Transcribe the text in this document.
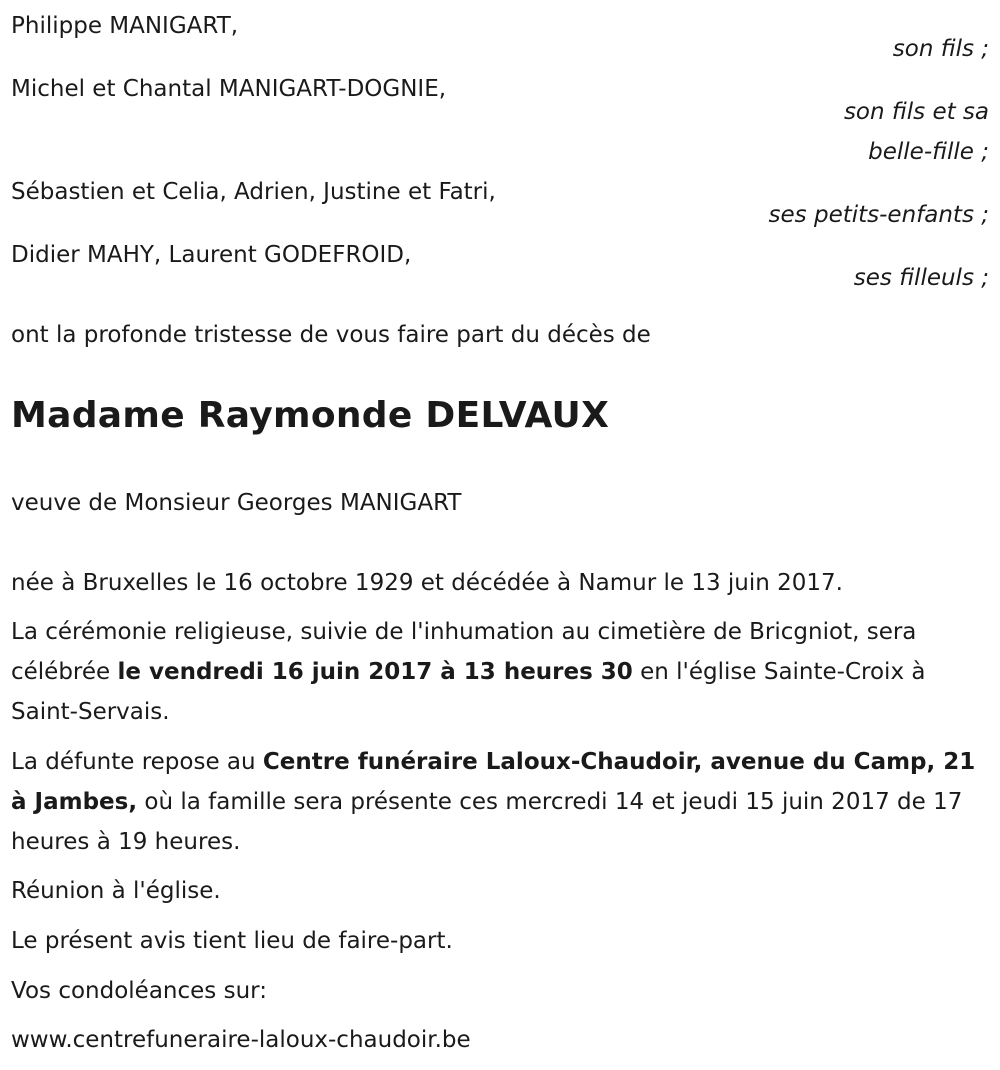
Philippe MANIGART,

son fils ;

Michel et Chantal MANIGART-DOGNIE,

son fils et sa

belle-fille ;

Sébastien et Celia, Adrien, Justine et Fatri,

ses petits-enfants ;

Didier MAHY, Laurent GODEFROID,

ses filleuls ;

ont la profonde tristesse de vous faire part du décès de

Madame Raymonde DELVAUX

veuve de Monsieur Georges MANIGART

née à Bruxelles le 16 octobre 1929 et décédée à Namur le 13 juin 2017.

La cérémonie religieuse, suivie de l'inhumation au cimetière de Bricgniot, sera célébrée le vendredi 16 juin 2017 à 13 heures 30 en l'église Sainte-Croix à Saint-Servais.

La défunte repose au Centre funéraire Laloux-Chaudoir, avenue du Camp, 21 à Jambes, où la famille sera présente ces mercredi 14 et jeudi 15 juin 2017 de 17 heures à 19 heures.

Réunion à l'église.

Le présent avis tient lieu de faire-part.

Vos condoléances sur:

www.centrefuneraire-laloux-chaudoir.be
